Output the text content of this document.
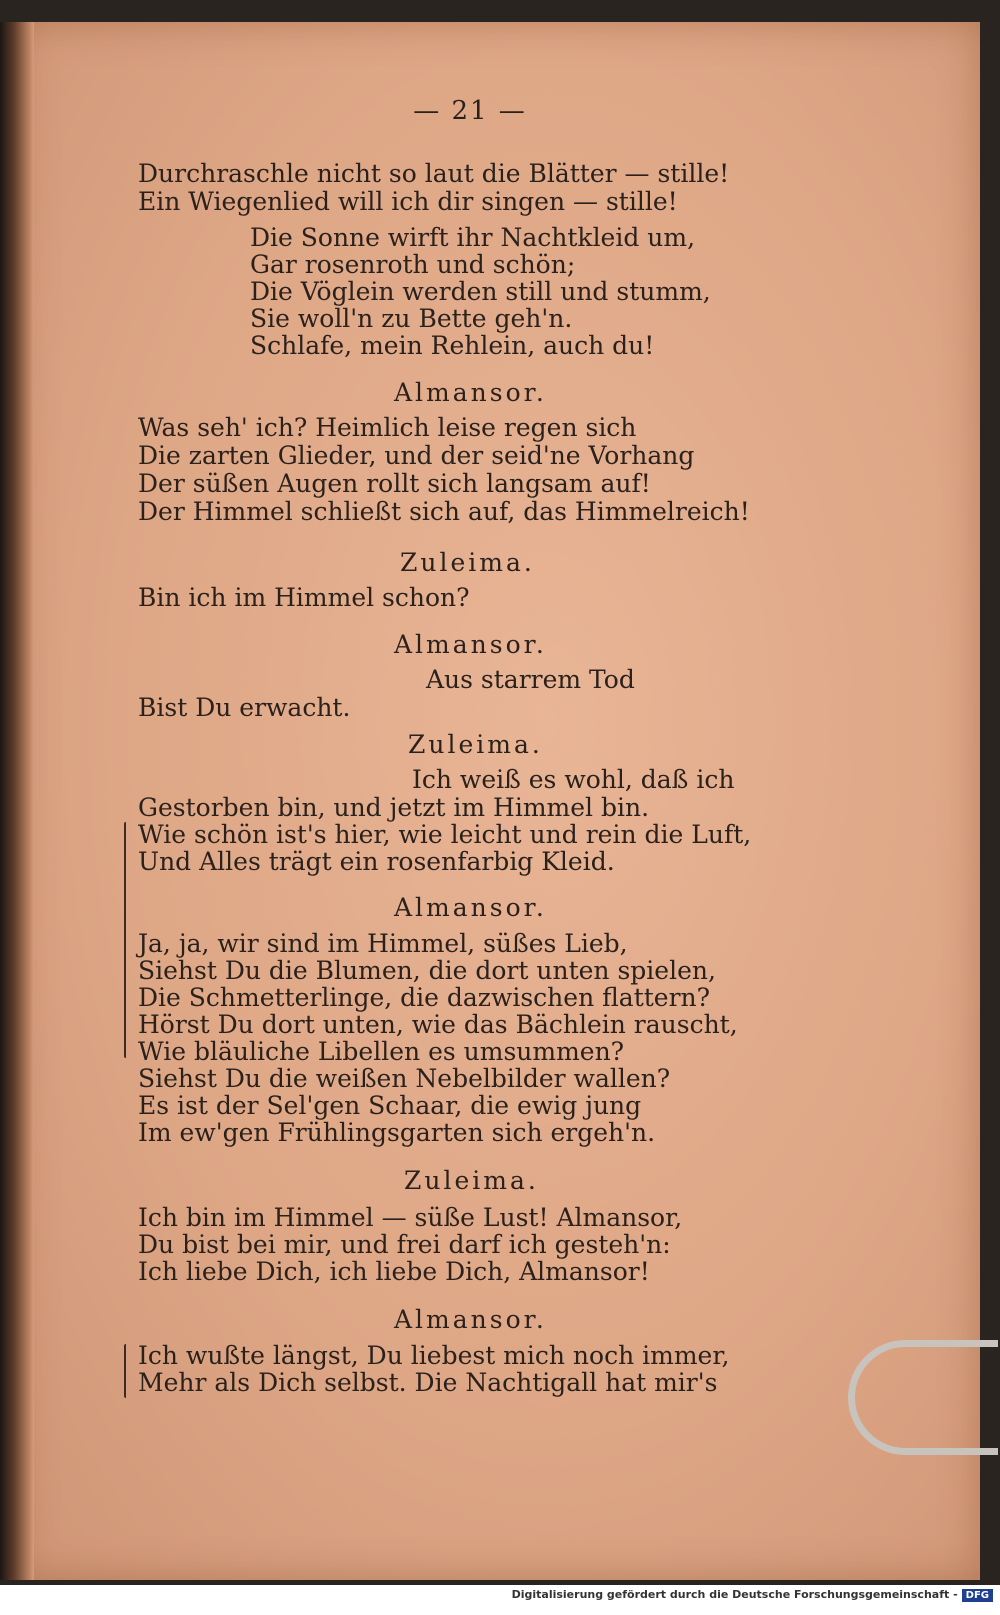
— 21 —
Durchraschle nicht so laut die Blätter — stille!
Ein Wiegenlied will ich dir singen — stille!
Die Sonne wirft ihr Nachtkleid um,
Gar rosenroth und schön;
Die Vöglein werden still und stumm,
Sie woll'n zu Bette geh'n.
Schlafe, mein Rehlein, auch du!
Almansor.
Was seh' ich? Heimlich leise regen sich
Die zarten Glieder, und der seid'ne Vorhang
Der süßen Augen rollt sich langsam auf!
Der Himmel schließt sich auf, das Himmelreich!
Zuleima.
Bin ich im Himmel schon?
Almansor.
Aus starrem Tod
Bist Du erwacht.
Zuleima.
Ich weiß es wohl, daß ich
Gestorben bin, und jetzt im Himmel bin.
Wie schön ist's hier, wie leicht und rein die Luft,
Und Alles trägt ein rosenfarbig Kleid.
Almansor.
Ja, ja, wir sind im Himmel, süßes Lieb,
Siehst Du die Blumen, die dort unten spielen,
Die Schmetterlinge, die dazwischen flattern?
Hörst Du dort unten, wie das Bächlein rauscht,
Wie bläuliche Libellen es umsummen?
Siehst Du die weißen Nebelbilder wallen?
Es ist der Sel'gen Schaar, die ewig jung
Im ew'gen Frühlingsgarten sich ergeh'n.
Zuleima.
Ich bin im Himmel — süße Lust! Almansor,
Du bist bei mir, und frei darf ich gesteh'n:
Ich liebe Dich, ich liebe Dich, Almansor!
Almansor.
Ich wußte längst, Du liebest mich noch immer,
Mehr als Dich selbst. Die Nachtigall hat mir's
Digitalisierung gefördert durch die Deutsche Forschungsgemeinschaft - DFG
